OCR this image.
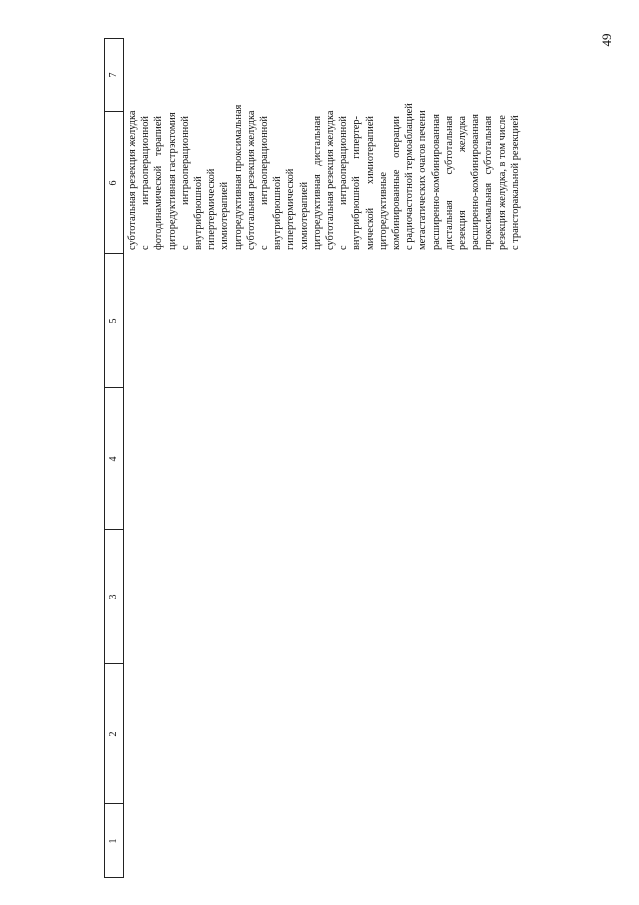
49
1
2
3
4
5
6
7
субтотальная резекция желудка с интраоперационной фотодинамической терапией циторедуктивная гастрэктомия с интраоперационной внутрибрюшной гипертермической химиотерапией циторедуктивная проксимальная субтотальная резекция желудка с интраоперационной внутрибрюшной гипертермической химиотерапией циторедуктивная дистальная субтотальная резекция желудка с интраоперационной внутрибрюшной гипертер- мической химиотерапией циторедуктивные комбинированные операции с радиочастотной термоаблацией метастатических очагов печени расширенно-комбинированная дистальная субтотальная резекция желудка расширенно-комбинированная проксимальная субтотальная резекция желудка, в том числе с трансторакальной резекцией
